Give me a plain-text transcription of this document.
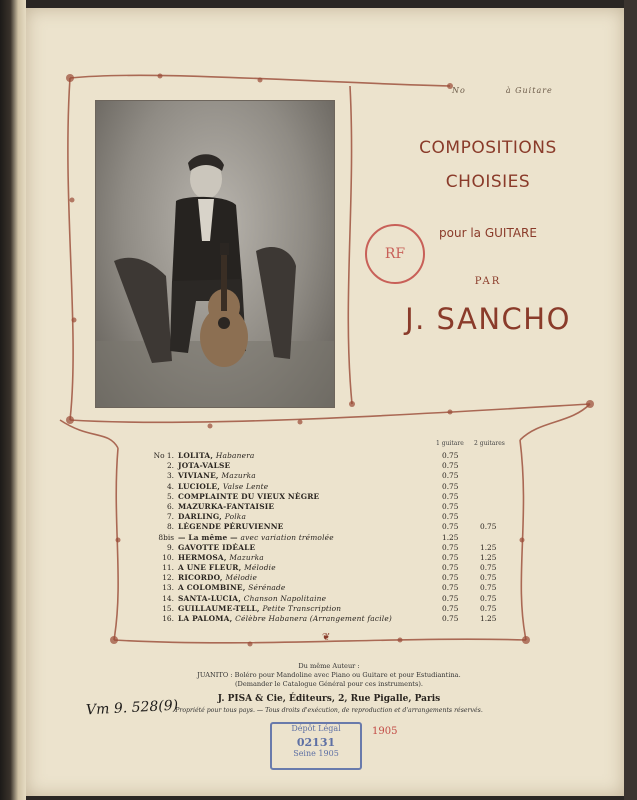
No	à Guitare
COMPOSITIONS
CHOISIES
pour la GUITARE
PAR
J. SANCHO
RF
1 guitare 2 guitares
No 1. LOLITA, Habanera	0.75
2. JOTA-VALSE	0.75
3. VIVIANE, Mazurka	0.75
4. LUCIOLE, Valse Lente	0.75
5. COMPLAINTE DU VIEUX NÈGRE	0.75
6. MAZURKA-FANTAISIE	0.75
7. DARLING, Polka	0.75
8. LÉGENDE PÉRUVIENNE	0.75	0.75
8bis — La même — avec variation trémolée	1.25
9. GAVOTTE IDÉALE	0.75	1.25
10. HERMOSA, Mazurka	0.75	1.25
11. A UNE FLEUR, Mélodie	0.75	0.75
12. RICORDO, Mélodie	0.75	0.75
13. A COLOMBINE, Sérénade	0.75	0.75
14. SANTA-LUCIA, Chanson Napolitaine	0.75	0.75
15. GUILLAUME-TELL, Petite Transcription	0.75	0.75
16. LA PALOMA, Célèbre Habanera (Arrangement facile)	0.75	1.25
❦
Du même Auteur :
JUANITO : Boléro pour Mandoline avec Piano ou Guitare et pour Estudiantina.
(Demander le Catalogue Général pour ces instruments).
J. PISA & Cie, Éditeurs, 2, Rue Pigalle, Paris
Propriété pour tous pays. — Tous droits d'exécution, de reproduction et d'arrangements réservés.
Vm 9. 528(9)
Dépôt Légal
02131
Seine 1905
1905
